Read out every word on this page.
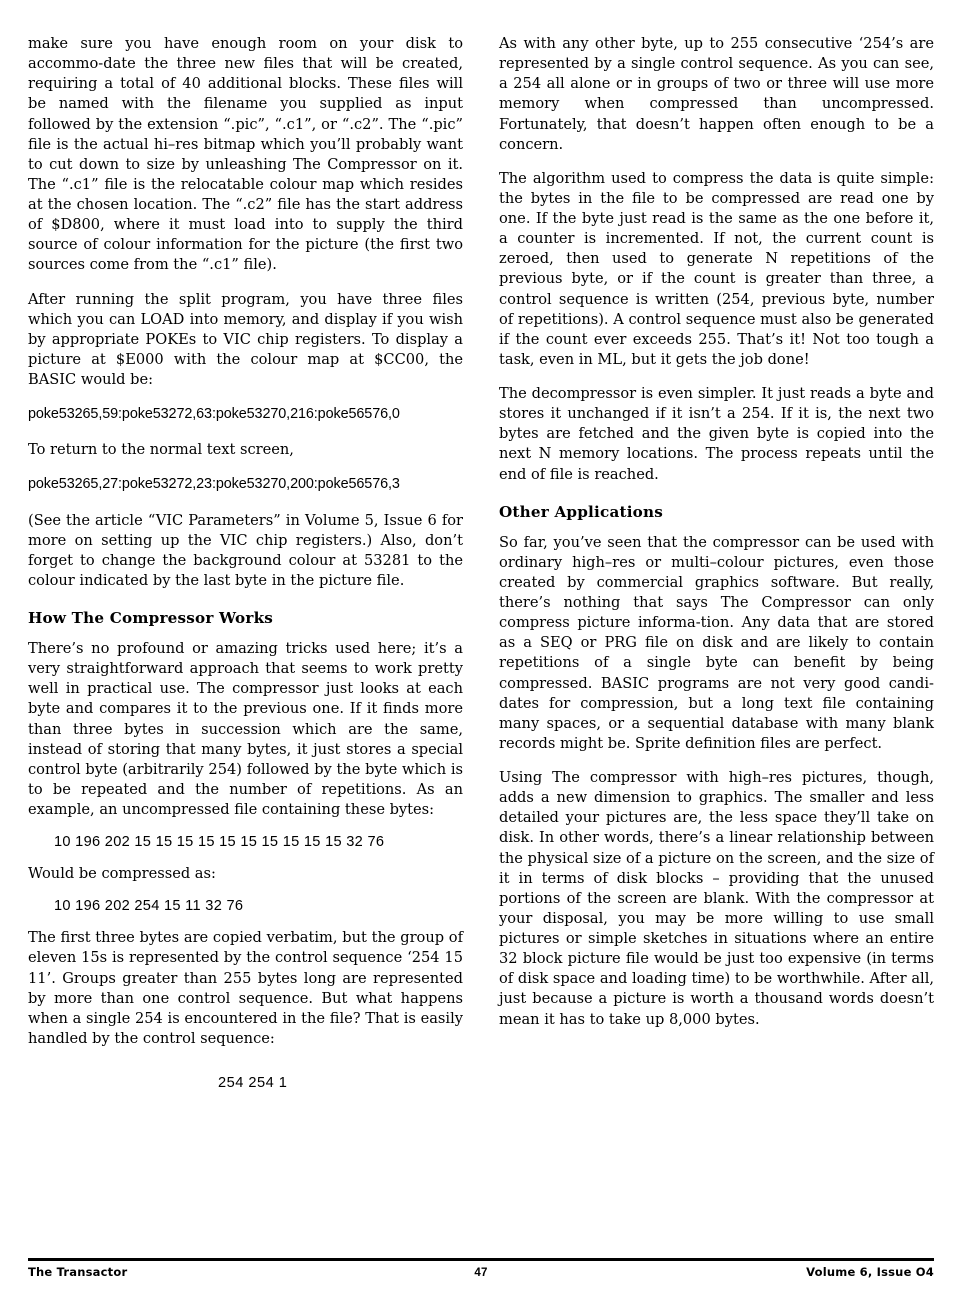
make sure you have enough room on your disk to accommo-date the three new files that will be created, requiring a total of 40 additional blocks. These files will be named with the filename you supplied as input followed by the extension “.pic”, “.c1”, or “.c2”. The “.pic” file is the actual hi–res bitmap which you’ll probably want to cut down to size by unleashing The Compressor on it. The “.c1” file is the relocatable colour map which resides at the chosen location. The “.c2” file has the start address of $D800, where it must load into to supply the third source of colour information for the picture (the first two sources come from the “.c1” file).

After running the split program, you have three files which you can LOAD into memory, and display if you wish by appropriate POKEs to VIC chip registers. To display a picture at $E000 with the colour map at $CC00, the BASIC would be:

poke53265,59:poke53272,63:poke53270,216:poke56576,0

To return to the normal text screen,

poke53265,27:poke53272,23:poke53270,200:poke56576,3

(See the article “VIC Parameters” in Volume 5, Issue 6 for more on setting up the VIC chip registers.) Also, don’t forget to change the background colour at 53281 to the colour indicated by the last byte in the picture file.

How The Compressor Works

There’s no profound or amazing tricks used here; it’s a very straightforward approach that seems to work pretty well in practical use. The compressor just looks at each byte and compares it to the previous one. If it finds more than three bytes in succession which are the same, instead of storing that many bytes, it just stores a special control byte (arbitrarily 254) followed by the byte which is to be repeated and the number of repetitions. As an example, an uncompressed file containing these bytes:

10 196 202 15 15 15 15 15 15 15 15 15 15 32 76

Would be compressed as:

10 196 202 254 15 11 32 76

The first three bytes are copied verbatim, but the group of eleven 15s is represented by the control sequence ‘254 15 11’. Groups greater than 255 bytes long are represented by more than one control sequence. But what happens when a single 254 is encountered in the file? That is easily handled by the control sequence:

254 254 1

As with any other byte, up to 255 consecutive ‘254’s are represented by a single control sequence. As you can see, a 254 all alone or in groups of two or three will use more memory when compressed than uncompressed. Fortunately, that doesn’t happen often enough to be a concern.

The algorithm used to compress the data is quite simple: the bytes in the file to be compressed are read one by one. If the byte just read is the same as the one before it, a counter is incremented. If not, the current count is zeroed, then used to generate N repetitions of the previous byte, or if the count is greater than three, a control sequence is written (254, previous byte, number of repetitions). A control sequence must also be generated if the count ever exceeds 255. That’s it! Not too tough a task, even in ML, but it gets the job done!

The decompressor is even simpler. It just reads a byte and stores it unchanged if it isn’t a 254. If it is, the next two bytes are fetched and the given byte is copied into the next N memory locations. The process repeats until the end of file is reached.

Other Applications

So far, you’ve seen that the compressor can be used with ordinary high–res or multi–colour pictures, even those created by commercial graphics software. But really, there’s nothing that says The Compressor can only compress picture informa-tion. Any data that are stored as a SEQ or PRG file on disk and are likely to contain repetitions of a single byte can benefit by being compressed. BASIC programs are not very good candi-dates for compression, but a long text file containing many spaces, or a sequential database with many blank records might be. Sprite definition files are perfect.

Using The compressor with high–res pictures, though, adds a new dimension to graphics. The smaller and less detailed your pictures are, the less space they’ll take on disk. In other words, there’s a linear relationship between the physical size of a picture on the screen, and the size of it in terms of disk blocks – providing that the unused portions of the screen are blank. With the compressor at your disposal, you may be more willing to use small pictures or simple sketches in situations where an entire 32 block picture file would be just too expensive (in terms of disk space and loading time) to be worthwhile. After all, just because a picture is worth a thousand words doesn’t mean it has to take up 8,000 bytes.

The Transactor	47	Volume 6, Issue O4
